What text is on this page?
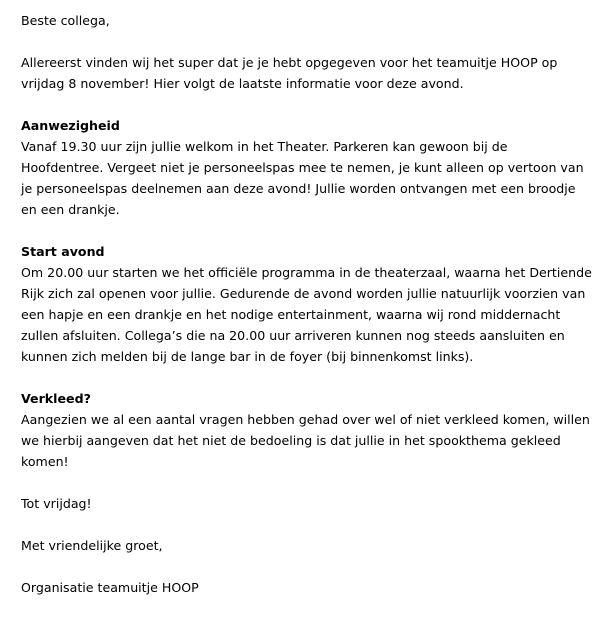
Beste collega,

Allereerst vinden wij het super dat je je hebt opgegeven voor het teamuitje HOOP op vrijdag 8 november! Hier volgt de laatste informatie voor deze avond.

Aanwezigheid

Vanaf 19.30 uur zijn jullie welkom in het Theater. Parkeren kan gewoon bij de Hoofdentree. Vergeet niet je personeelspas mee te nemen, je kunt alleen op vertoon van je personeelspas deelnemen aan deze avond! Jullie worden ontvangen met een broodje en een drankje.

Start avond

Om 20.00 uur starten we het officiële programma in de theaterzaal, waarna het Dertiende Rijk zich zal openen voor jullie. Gedurende de avond worden jullie natuurlijk voorzien van een hapje en een drankje en het nodige entertainment, waarna wij rond middernacht zullen afsluiten. Collega’s die na 20.00 uur arriveren kunnen nog steeds aansluiten en kunnen zich melden bij de lange bar in de foyer (bij binnenkomst links).

Verkleed?

Aangezien we al een aantal vragen hebben gehad over wel of niet verkleed komen, willen we hierbij aangeven dat het niet de bedoeling is dat jullie in het spookthema gekleed komen!

Tot vrijdag!

Met vriendelijke groet,

Organisatie teamuitje HOOP
